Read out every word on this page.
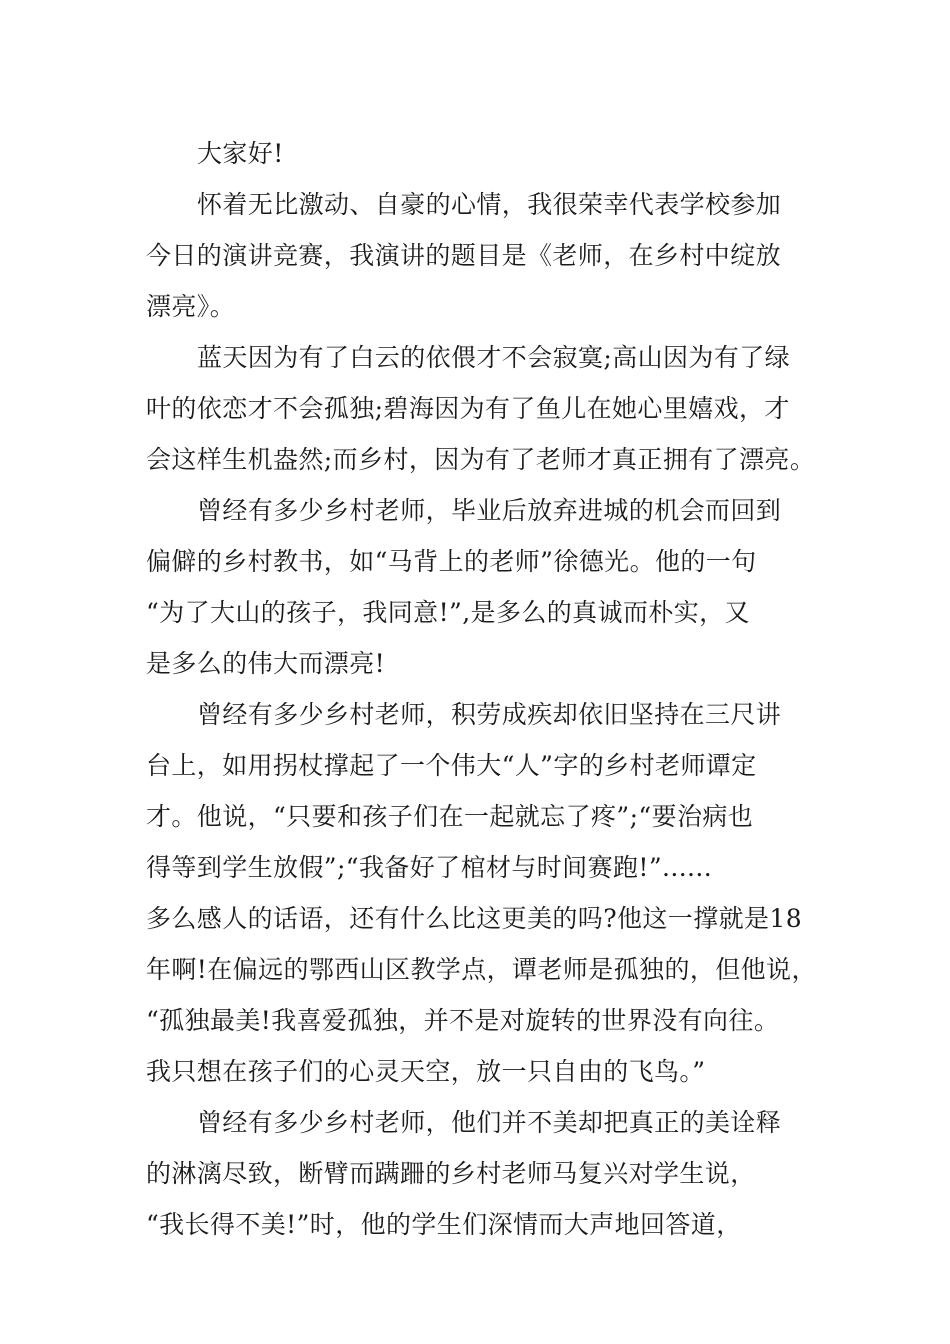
大家好!
怀着无比激动、自豪的心情，我很荣幸代表学校参加
今日的演讲竞赛，我演讲的题目是《老师，在乡村中绽放
漂亮》。
蓝天因为有了白云的依偎才不会寂寞;高山因为有了绿
叶的依恋才不会孤独;碧海因为有了鱼儿在她心里嬉戏，才
会这样生机盎然;而乡村，因为有了老师才真正拥有了漂亮。
曾经有多少乡村老师，毕业后放弃进城的机会而回到
偏僻的乡村教书，如“马背上的老师”徐德光。他的一句
“为了大山的孩子，我同意!”,是多么的真诚而朴实，又
是多么的伟大而漂亮!
曾经有多少乡村老师，积劳成疾却依旧坚持在三尺讲
台上，如用拐杖撑起了一个伟大“人”字的乡村老师谭定
才。他说，“只要和孩子们在一起就忘了疼”;“要治病也
得等到学生放假”;“我备好了棺材与时间赛跑!”......
多么感人的话语，还有什么比这更美的吗?他这一撑就是18
年啊!在偏远的鄂西山区教学点，谭老师是孤独的，但他说，
“孤独最美!我喜爱孤独，并不是对旋转的世界没有向往。
我只想在孩子们的心灵天空，放一只自由的飞鸟。”
曾经有多少乡村老师，他们并不美却把真正的美诠释
的淋漓尽致，断臂而蹒跚的乡村老师马复兴对学生说，
“我长得不美!”时，他的学生们深情而大声地回答道，
